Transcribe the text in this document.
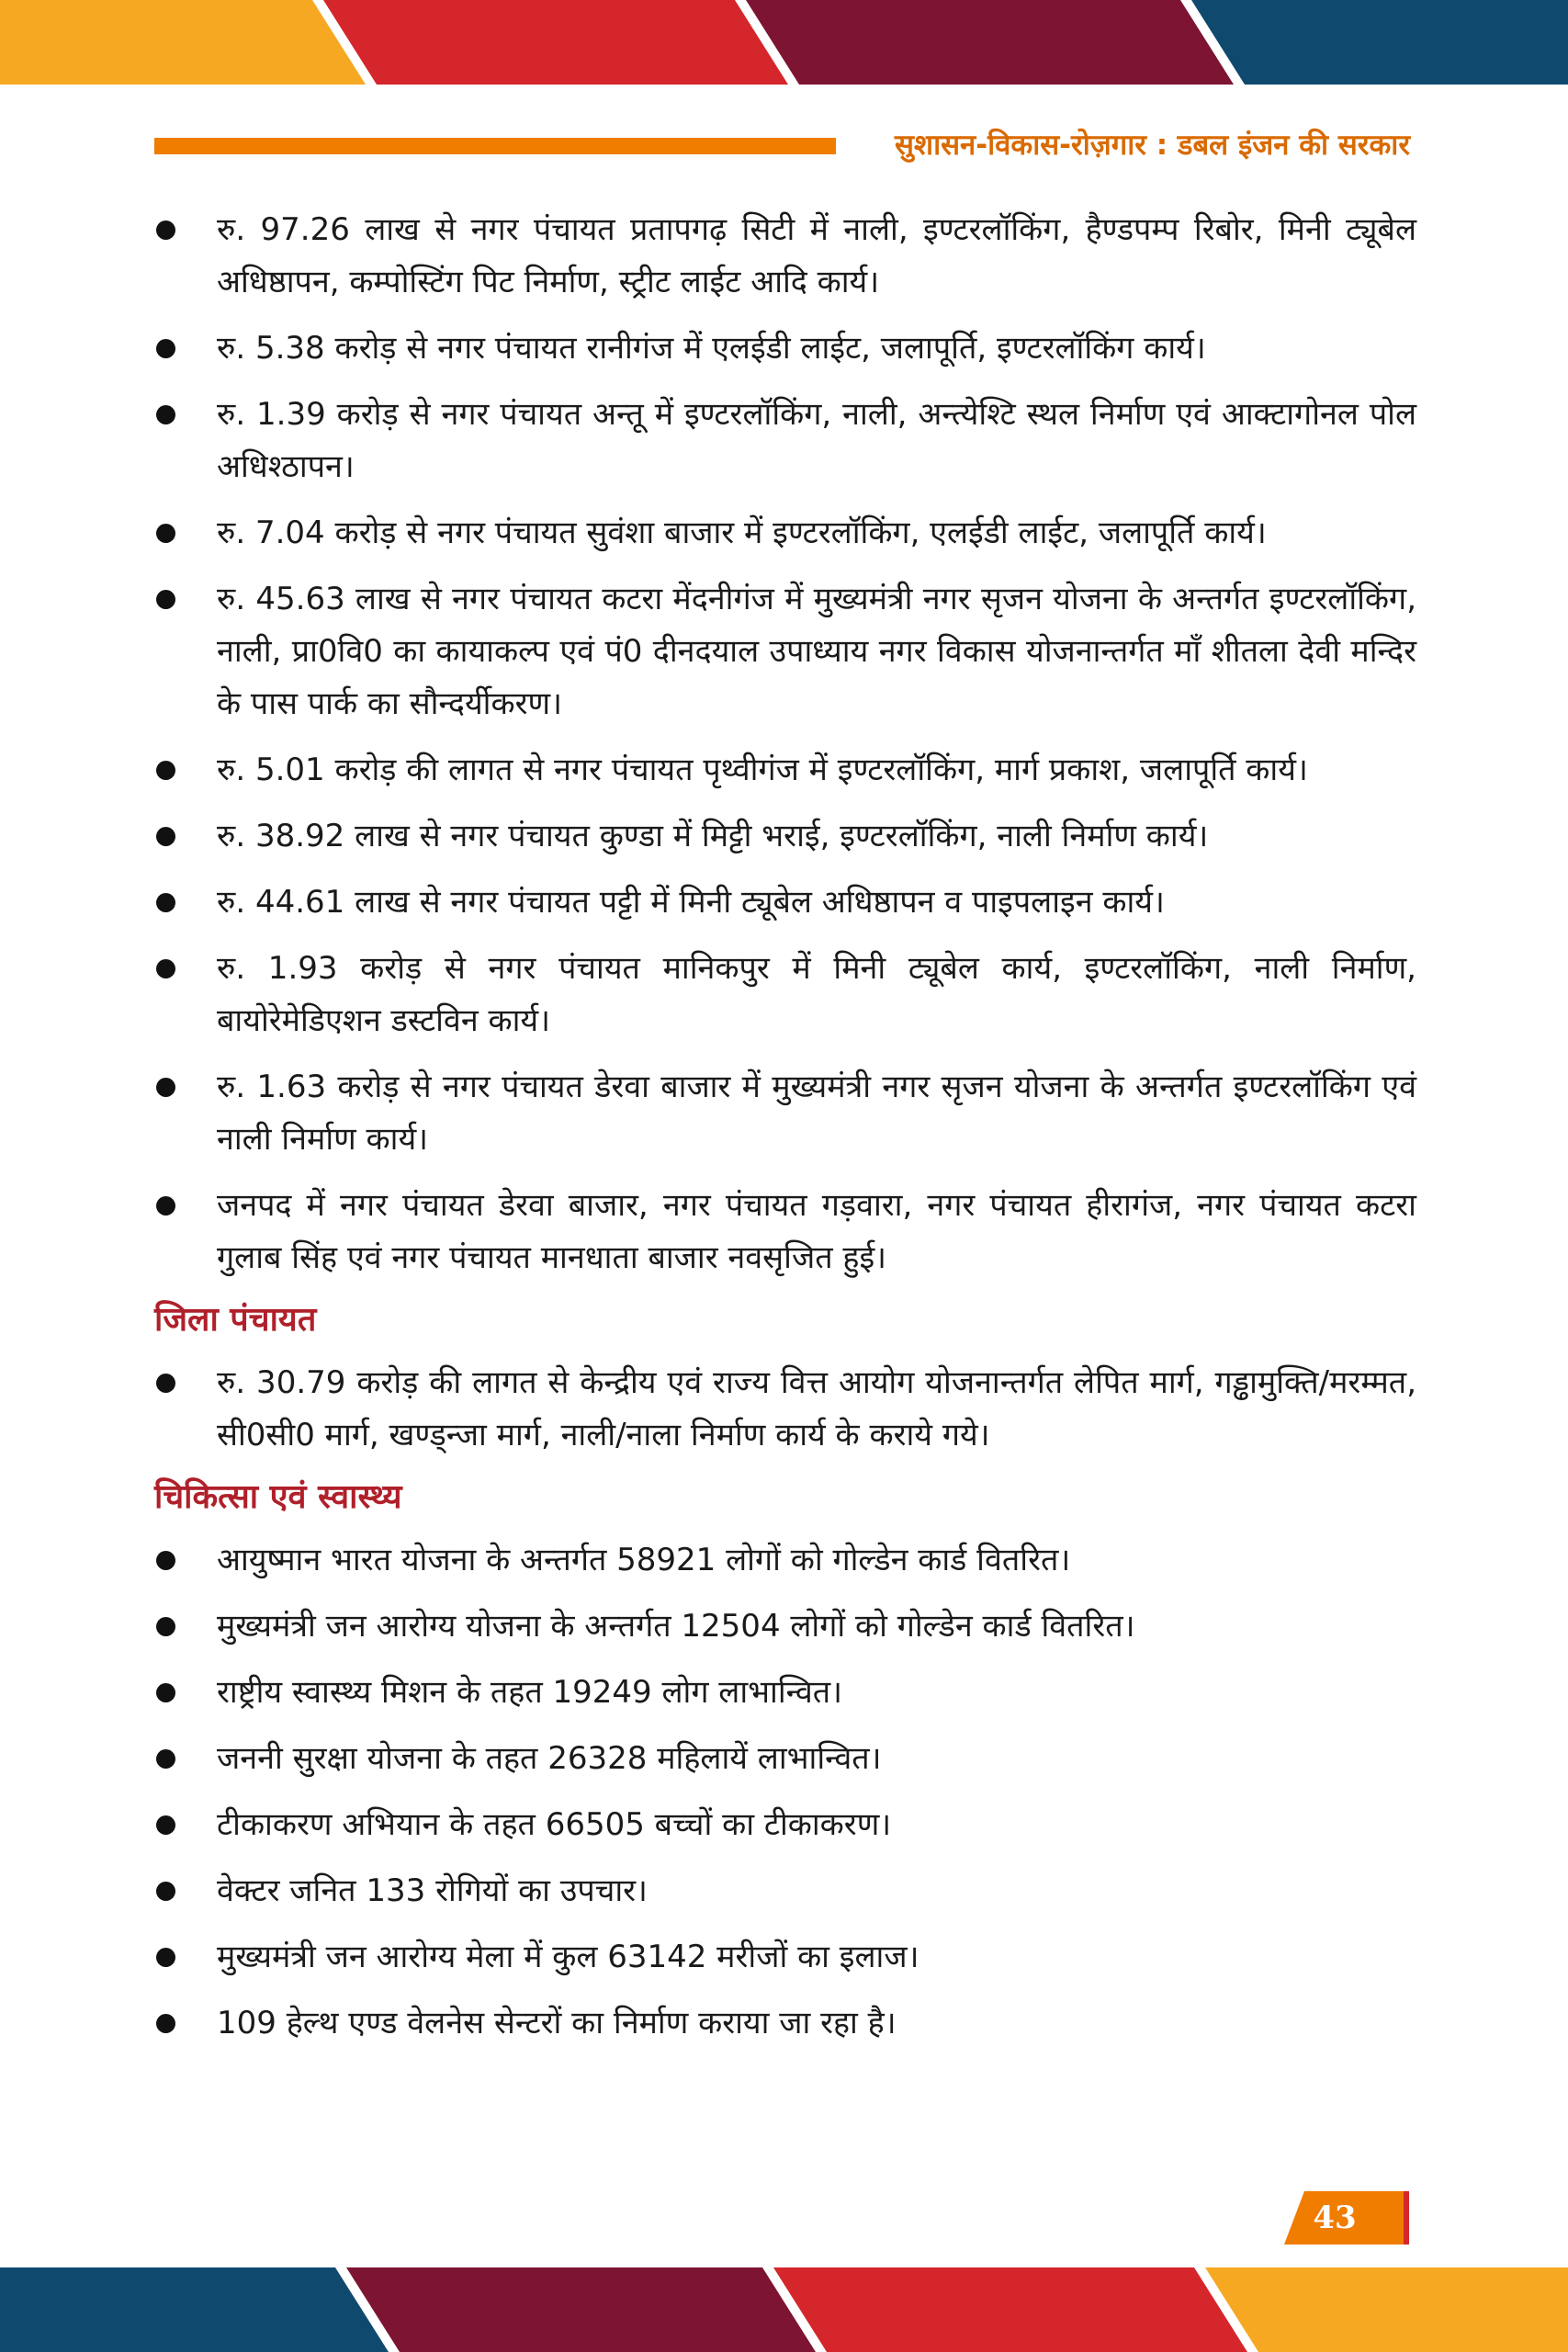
सुशासन-विकास-रोज़गार : डबल इंजन की सरकार
रु. 97.26 लाख से नगर पंचायत प्रतापगढ़ सिटी में नाली, इण्टरलॉकिंग, हैण्डपम्प रिबोर, मिनी ट्यूबेल अधिष्ठापन, कम्पोस्टिंग पिट निर्माण, स्ट्रीट लाईट आदि कार्य।
रु. 5.38 करोड़ से नगर पंचायत रानीगंज में एलईडी लाईट, जलापूर्ति, इण्टरलॉकिंग कार्य।
रु. 1.39 करोड़ से नगर पंचायत अन्तू में इण्टरलॉकिंग, नाली, अन्त्येश्टि स्थल निर्माण एवं आक्टागोनल पोल अधिश्ठापन।
रु. 7.04 करोड़ से नगर पंचायत सुवंशा बाजार में इण्टरलॉकिंग, एलईडी लाईट, जलापूर्ति कार्य।
रु. 45.63 लाख से नगर पंचायत कटरा मेंदनीगंज में मुख्यमंत्री नगर सृजन योजना के अन्तर्गत इण्टरलॉकिंग, नाली, प्रा0वि0 का कायाकल्प एवं पं0 दीनदयाल उपाध्याय नगर विकास योजनान्तर्गत माँ शीतला देवी मन्दिर के पास पार्क का सौन्दर्यीकरण।
रु. 5.01 करोड़ की लागत से नगर पंचायत पृथ्वीगंज में इण्टरलॉकिंग, मार्ग प्रकाश, जलापूर्ति कार्य।
रु. 38.92 लाख से नगर पंचायत कुण्डा में मिट्टी भराई, इण्टरलॉकिंग, नाली निर्माण कार्य।
रु. 44.61 लाख से नगर पंचायत पट्टी में मिनी ट्यूबेल अधिष्ठापन व पाइपलाइन कार्य।
रु. 1.93 करोड़ से नगर पंचायत मानिकपुर में मिनी ट्यूबेल कार्य, इण्टरलॉकिंग, नाली निर्माण, बायोरेमेडिएशन डस्टविन कार्य।
रु. 1.63 करोड़ से नगर पंचायत डेरवा बाजार में मुख्यमंत्री नगर सृजन योजना के अन्तर्गत इण्टरलॉकिंग एवं नाली निर्माण कार्य।
जनपद में नगर पंचायत डेरवा बाजार, नगर पंचायत गड़वारा, नगर पंचायत हीरागंज, नगर पंचायत कटरा गुलाब सिंह एवं नगर पंचायत मानधाता बाजार नवसृजित हुई।
जिला पंचायत
रु. 30.79 करोड़ की लागत से केन्द्रीय एवं राज्य वित्त आयोग योजनान्तर्गत लेपित मार्ग, गड्ढामुक्ति/मरम्मत, सी0सी0 मार्ग, खण्ड्न्जा मार्ग, नाली/नाला निर्माण कार्य के कराये गये।
चिकित्सा एवं स्वास्थ्य
आयुष्मान भारत योजना के अन्तर्गत 58921 लोगों को गोल्डेन कार्ड वितरित।
मुख्यमंत्री जन आरोग्य योजना के अन्तर्गत 12504 लोगों को गोल्डेन कार्ड वितरित।
राष्ट्रीय स्वास्थ्य मिशन के तहत 19249 लोग लाभान्वित।
जननी सुरक्षा योजना के तहत 26328 महिलायें लाभान्वित।
टीकाकरण अभियान के तहत 66505 बच्चों का टीकाकरण।
वेक्टर जनित 133 रोगियों का उपचार।
मुख्यमंत्री जन आरोग्य मेला में कुल 63142 मरीजों का इलाज।
109 हेल्थ एण्ड वेलनेस सेन्टरों का निर्माण कराया जा रहा है।
43
